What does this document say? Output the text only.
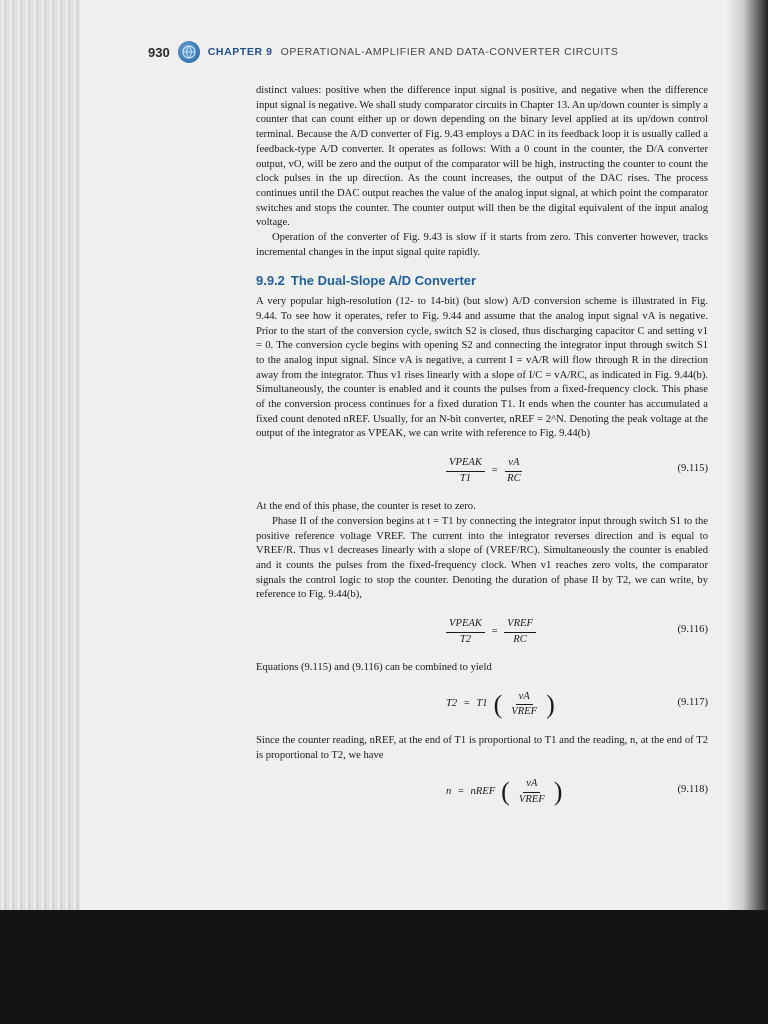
930	CHAPTER 9 OPERATIONAL-AMPLIFIER AND DATA-CONVERTER CIRCUITS

distinct values: positive when the difference input signal is positive, and negative when the difference input signal is negative. We shall study comparator circuits in Chapter 13. An up/down counter is simply a counter that can count either up or down depending on the binary level applied at its up/down control terminal. Because the A/D converter of Fig. 9.43 employs a DAC in its feedback loop it is usually called a feedback-type A/D converter. It operates as follows: With a 0 count in the counter, the D/A converter output, vO, will be zero and the output of the comparator will be high, instructing the counter to count the clock pulses in the up direction. As the count increases, the output of the DAC rises. The process continues until the DAC output reaches the value of the analog input signal, at which point the comparator switches and stops the counter. The counter output will then be the digital equivalent of the input analog voltage.

Operation of the converter of Fig. 9.43 is slow if it starts from zero. This converter however, tracks incremental changes in the input signal quite rapidly.

9.9.2 The Dual-Slope A/D Converter

A very popular high-resolution (12- to 14-bit) (but slow) A/D conversion scheme is illustrated in Fig. 9.44. To see how it operates, refer to Fig. 9.44 and assume that the analog input signal vA is negative. Prior to the start of the conversion cycle, switch S2 is closed, thus discharging capacitor C and setting v1 = 0. The conversion cycle begins with opening S2 and connecting the integrator input through switch S1 to the analog input signal. Since vA is negative, a current I = vA/R will flow through R in the direction away from the integrator. Thus v1 rises linearly with a slope of I/C = vA/RC, as indicated in Fig. 9.44(b). Simultaneously, the counter is enabled and it counts the pulses from a fixed-frequency clock. This phase of the conversion process continues for a fixed duration T1. It ends when the counter has accumulated a fixed count denoted nREF. Usually, for an N-bit converter, nREF = 2^N. Denoting the peak voltage at the output of the integrator as VPEAK, we can write with reference to Fig. 9.44(b)

$\frac{\text{VPEAK}}{T1} = \frac{vA}{RC}$	(9.115)

At the end of this phase, the counter is reset to zero.

Phase II of the conversion begins at t = T1 by connecting the integrator input through switch S1 to the positive reference voltage VREF. The current into the integrator reverses direction and is equal to VREF/R. Thus v1 decreases linearly with a slope of (VREF/RC). Simultaneously the counter is enabled and it counts the pulses from the fixed-frequency clock. When v1 reaches zero volts, the comparator signals the control logic to stop the counter. Denoting the duration of phase II by T2, we can write, by reference to Fig. 9.44(b),

$\frac{\text{VPEAK}}{T2} = \frac{\text{VREF}}{RC}$	(9.116)

Equations (9.115) and (9.116) can be combined to yield

T2 = T1 ( $\frac{vA}{\text{VREF}}$ )	(9.117)

Since the counter reading, nREF, at the end of T1 is proportional to T1 and the reading, n, at the end of T2 is proportional to T2, we have

n = nREF ( $\frac{vA}{\text{VREF}}$ )	(9.118)
